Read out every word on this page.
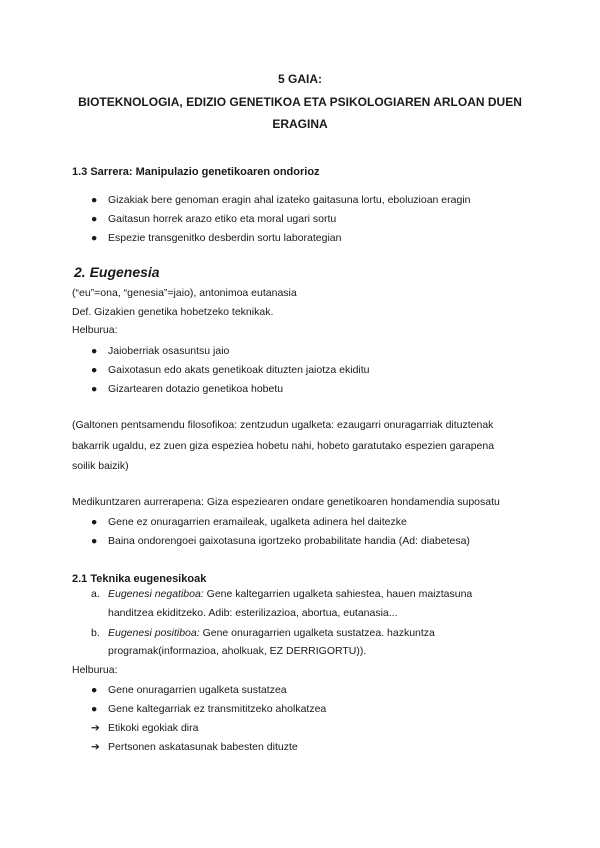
5 GAIA:
BIOTEKNOLOGIA, EDIZIO GENETIKOA ETA PSIKOLOGIAREN ARLOAN DUEN
ERAGINA
1.3 Sarrera: Manipulazio genetikoaren ondorioz
● Gizakiak bere genoman eragin ahal izateko gaitasuna lortu, eboluzioan eragin
● Gaitasun horrek arazo etiko eta moral ugari sortu
● Espezie transgenitko desberdin sortu laborategian
2. Eugenesia
(“eu”=ona, “genesia”=jaio), antonimoa eutanasia
Def. Gizakien genetika hobetzeko teknikak.
Helburua:
● Jaioberriak osasuntsu jaio
● Gaixotasun edo akats genetikoak dituzten jaiotza ekiditu
● Gizartearen dotazio genetikoa hobetu
(Galtonen pentsamendu filosofikoa: zentzudun ugalketa: ezaugarri onuragarriak dituztenak
bakarrik ugaldu, ez zuen giza espeziea hobetu nahi, hobeto garatutako espezien garapena
soilik baizik)
Medikuntzaren aurrerapena: Giza espeziearen ondare genetikoaren hondamendia suposatu
● Gene ez onuragarrien eramaileak, ugalketa adinera hel daitezke
● Baina ondorengoei gaixotasuna igortzeko probabilitate handia (Ad: diabetesa)
2.1 Teknika eugenesikoak
a. Eugenesi negatiboa: Gene kaltegarrien ugalketa sahiestea, hauen maiztasuna
handitzea ekiditzeko. Adib: esterilizazioa, abortua, eutanasia...
b. Eugenesi positiboa: Gene onuragarrien ugalketa sustatzea. hazkuntza
programak(informazioa, aholkuak, EZ DERRIGORTU)).
Helburua:
● Gene onuragarrien ugalketa sustatzea
● Gene kaltegarriak ez transmititzeko aholkatzea
➔ Etikoki egokiak dira
➔ Pertsonen askatasunak babesten dituzte
